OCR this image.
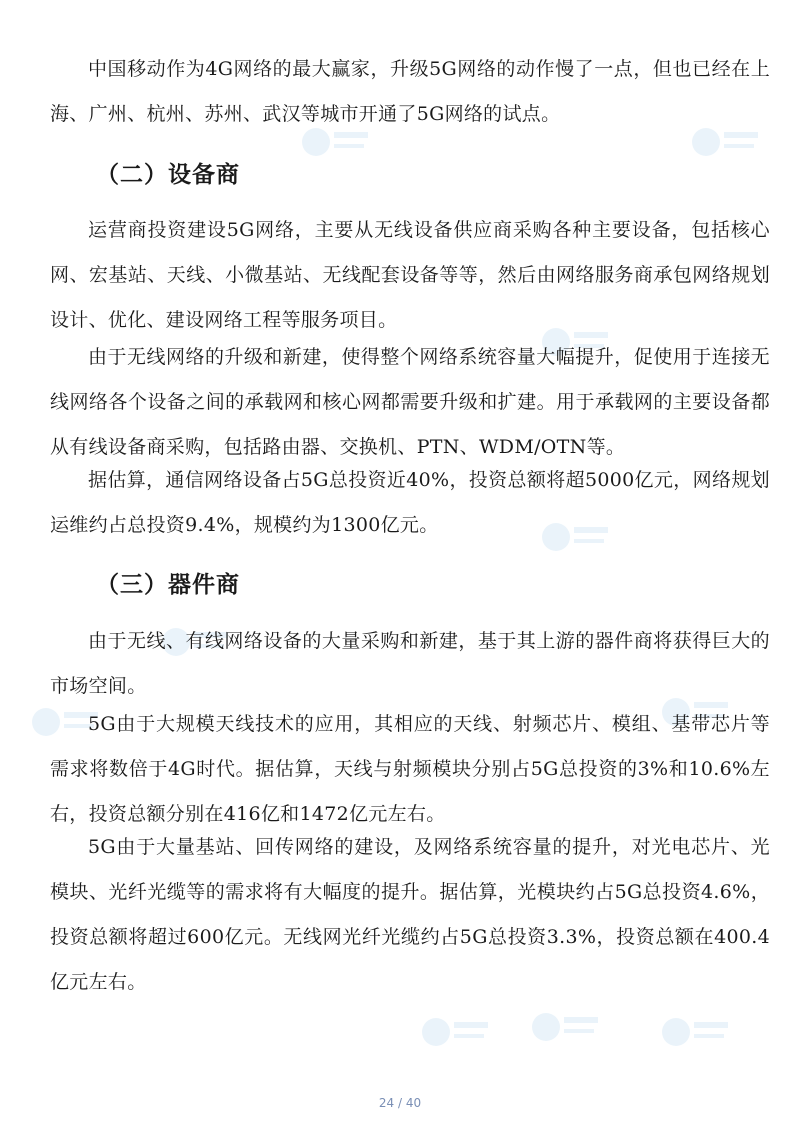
中国移动作为4G网络的最大赢家，升级5G网络的动作慢了一点，但也已经在上海、广州、杭州、苏州、武汉等城市开通了5G网络的试点。

（二）设备商

运营商投资建设5G网络，主要从无线设备供应商采购各种主要设备，包括核心网、宏基站、天线、小微基站、无线配套设备等等，然后由网络服务商承包网络规划设计、优化、建设网络工程等服务项目。

由于无线网络的升级和新建，使得整个网络系统容量大幅提升，促使用于连接无线网络各个设备之间的承载网和核心网都需要升级和扩建。用于承载网的主要设备都从有线设备商采购，包括路由器、交换机、PTN、WDM/OTN等。

据估算，通信网络设备占5G总投资近40%，投资总额将超5000亿元，网络规划运维约占总投资9.4%，规模约为1300亿元。

（三）器件商

由于无线、有线网络设备的大量采购和新建，基于其上游的器件商将获得巨大的市场空间。

5G由于大规模天线技术的应用，其相应的天线、射频芯片、模组、基带芯片等需求将数倍于4G时代。据估算，天线与射频模块分别占5G总投资的3%和10.6%左右，投资总额分别在416亿和1472亿元左右。

5G由于大量基站、回传网络的建设，及网络系统容量的提升，对光电芯片、光模块、光纤光缆等的需求将有大幅度的提升。据估算，光模块约占5G总投资4.6%，投资总额将超过600亿元。无线网光纤光缆约占5G总投资3.3%，投资总额在400.4亿元左右。

24 / 40
